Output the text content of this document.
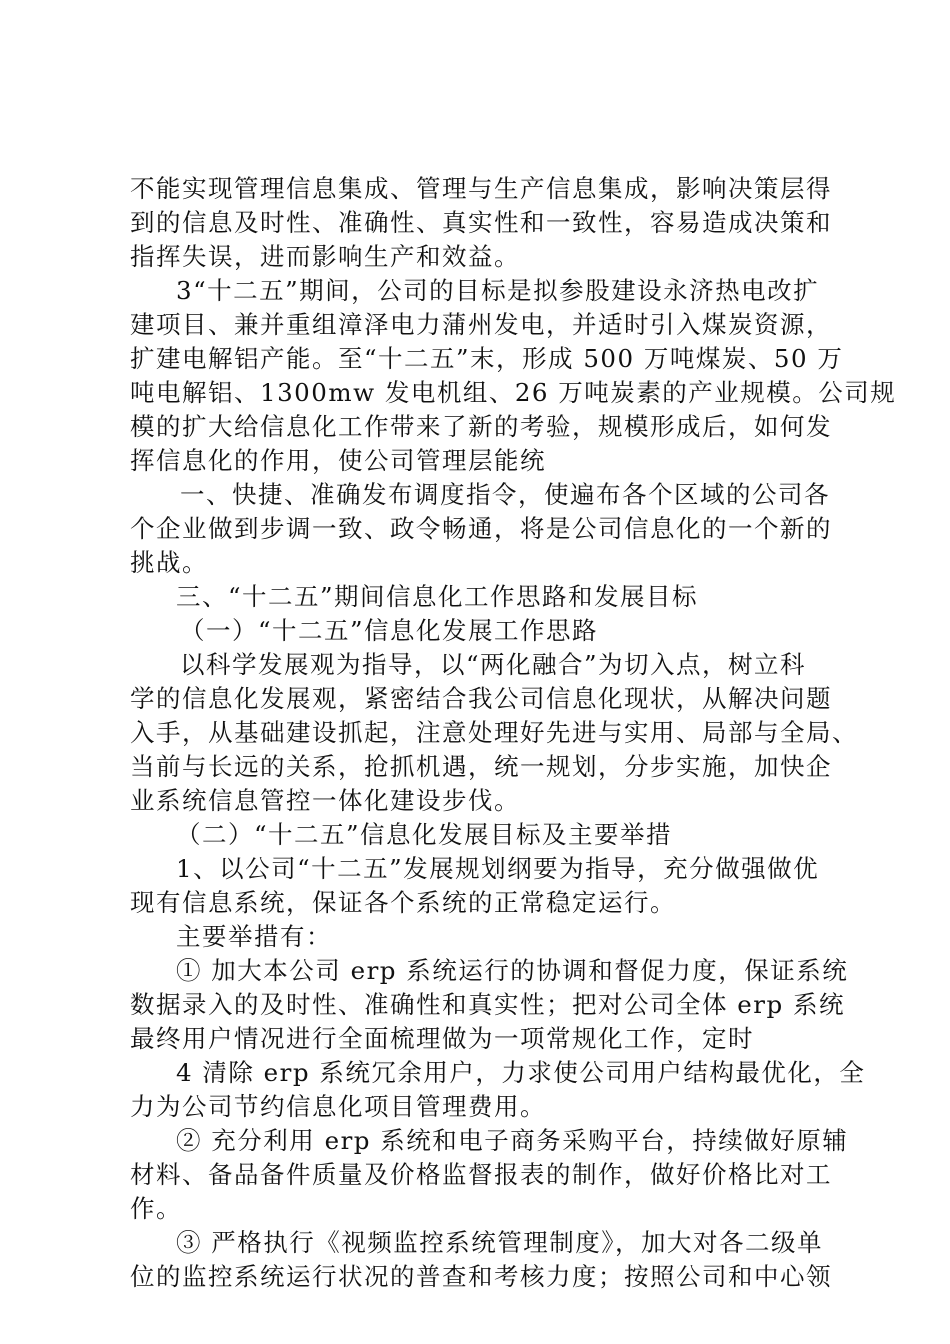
不能实现管理信息集成、管理与生产信息集成，影响决策层得
到的信息及时性、准确性、真实性和一致性，容易造成决策和
指挥失误，进而影响生产和效益。
3“十二五”期间，公司的目标是拟参股建设永济热电改扩
建项目、兼并重组漳泽电力蒲州发电，并适时引入煤炭资源，
扩建电解铝产能。至“十二五”末，形成 500 万吨煤炭、50 万
吨电解铝、1300mw 发电机组、26 万吨炭素的产业规模。公司规
模的扩大给信息化工作带来了新的考验，规模形成后，如何发
挥信息化的作用，使公司管理层能统
一、快捷、准确发布调度指令，使遍布各个区域的公司各
个企业做到步调一致、政令畅通，将是公司信息化的一个新的
挑战。
三、“十二五”期间信息化工作思路和发展目标
（一）“十二五”信息化发展工作思路
以科学发展观为指导，以“两化融合”为切入点，树立科
学的信息化发展观，紧密结合我公司信息化现状，从解决问题
入手，从基础建设抓起，注意处理好先进与实用、局部与全局、
当前与长远的关系，抢抓机遇，统一规划，分步实施，加快企
业系统信息管控一体化建设步伐。
（二）“十二五”信息化发展目标及主要举措
1、以公司“十二五”发展规划纲要为指导，充分做强做优
现有信息系统，保证各个系统的正常稳定运行。
主要举措有：
① 加大本公司 erp 系统运行的协调和督促力度，保证系统
数据录入的及时性、准确性和真实性；把对公司全体 erp 系统
最终用户情况进行全面梳理做为一项常规化工作，定时
4 清除 erp 系统冗余用户，力求使公司用户结构最优化，全
力为公司节约信息化项目管理费用。
② 充分利用 erp 系统和电子商务采购平台，持续做好原辅
材料、备品备件质量及价格监督报表的制作，做好价格比对工
作。
③ 严格执行《视频监控系统管理制度》，加大对各二级单
位的监控系统运行状况的普查和考核力度；按照公司和中心领
